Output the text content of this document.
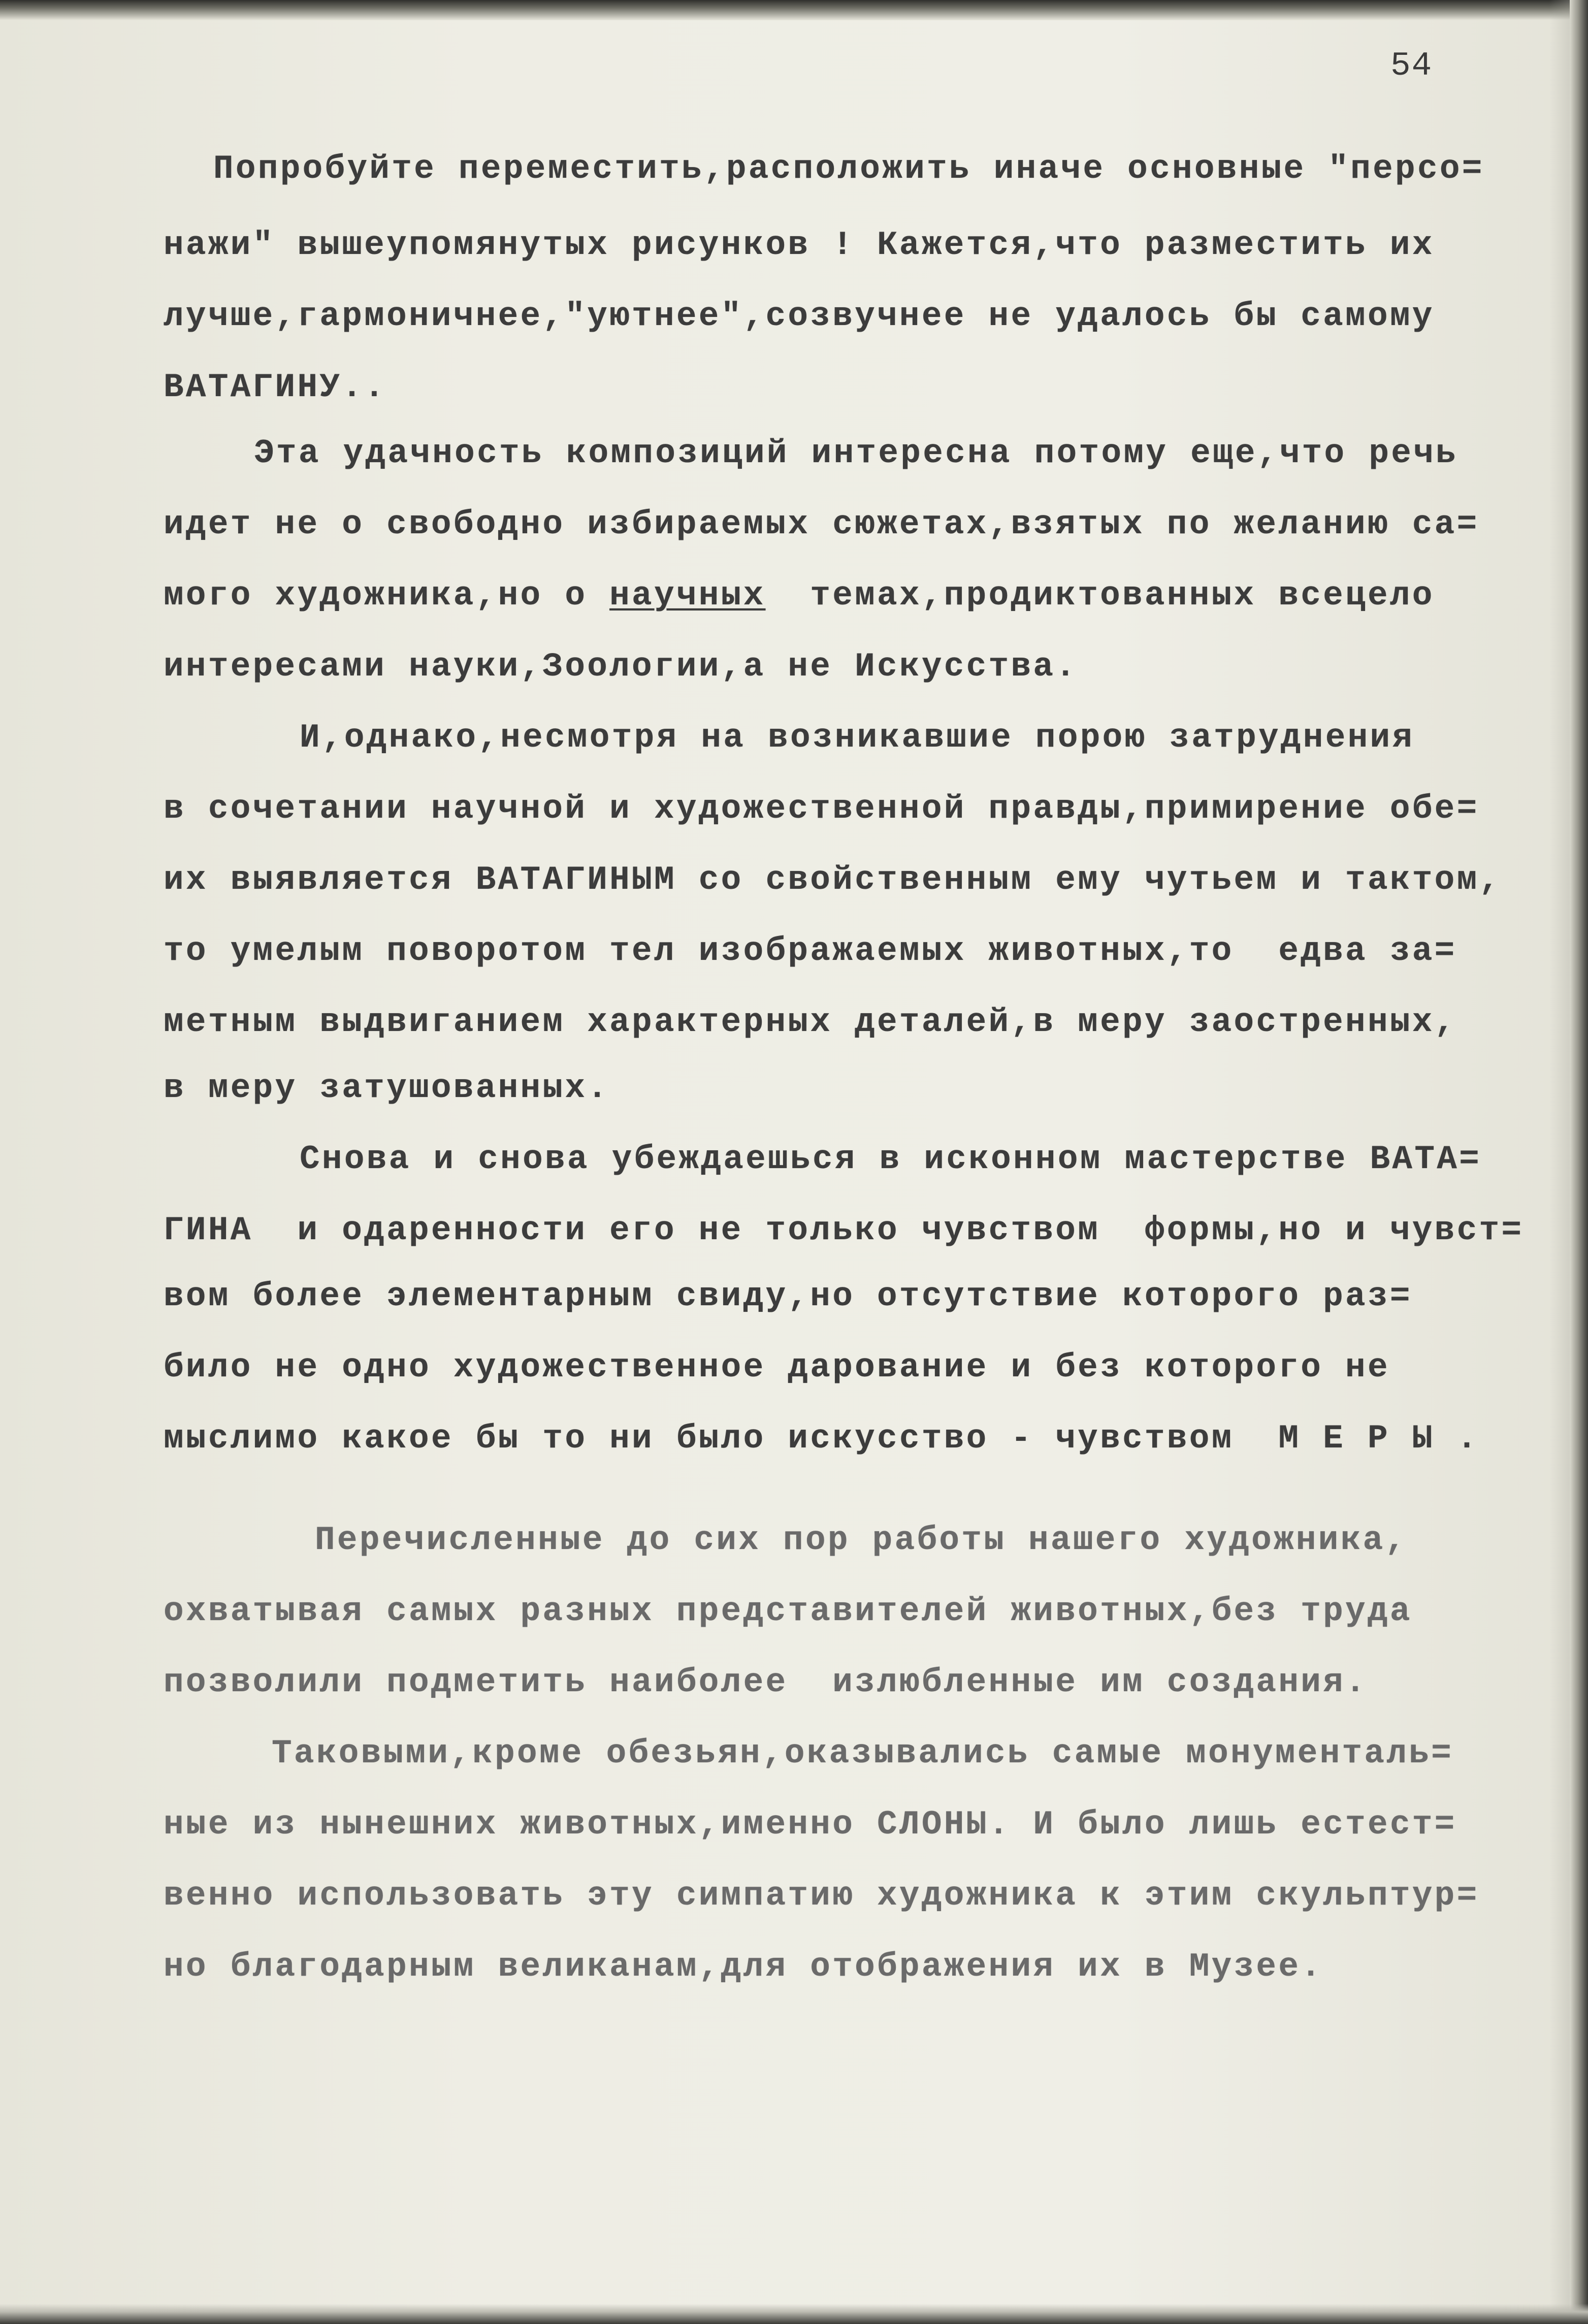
54
Попробуйте переместить,расположить иначе основные "персо=
нажи" вышеупомянутых рисунков ! Кажется,что разместить их
лучше,гармоничнее,"уютнее",созвучнее не удалось бы самому
ВАТАГИНУ..
Эта удачность композиций интересна потому еще,что речь
идет не о свободно избираемых сюжетах,взятых по желанию са=
мого художника,но о научных  темах,продиктованных всецело
интересами науки,Зоологии,а не Искусства.
И,однако,несмотря на возникавшие порою затруднения
в сочетании научной и художественной правды,примирение обе=
их выявляется ВАТАГИНЫМ со свойственным ему чутьем и тактом,
то умелым поворотом тел изображаемых животных,то  едва за=
метным выдвиганием характерных деталей,в меру заостренных,
в меру затушованных.
Снова и снова убеждаешься в исконном мастерстве ВАТА=
ГИНА  и одаренности его не только чувством  формы,но и чувст=
вом более элементарным свиду,но отсутствие которого раз=
било не одно художественное дарование и без которого не
мыслимо какое бы то ни было искусство - чувством  М Е Р Ы .
Перечисленные до сих пор работы нашего художника,
охватывая самых разных представителей животных,без труда
позволили подметить наиболее  излюбленные им создания.
Таковыми,кроме обезьян,оказывались самые монументаль=
ные из нынешних животных,именно СЛОНЫ. И было лишь естест=
венно использовать эту симпатию художника к этим скульптур=
но благодарным великанам,для отображения их в Музее.
